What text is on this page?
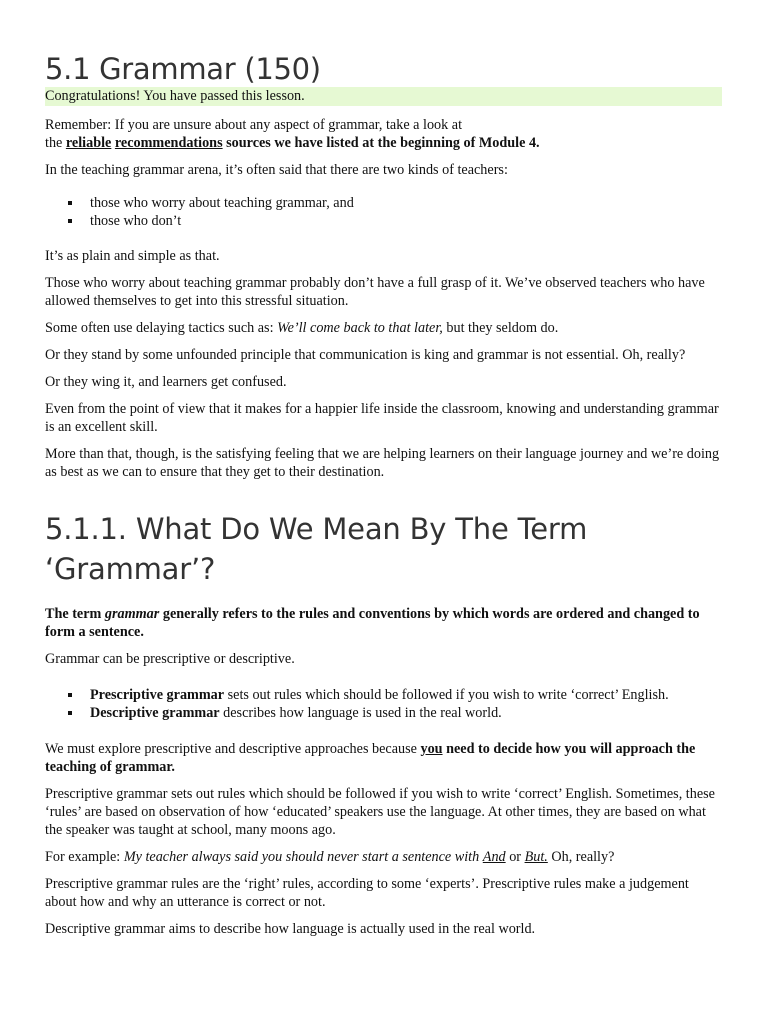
5.1 Grammar (150)

Congratulations! You have passed this lesson.

Remember: If you are unsure about any aspect of grammar, take a look at
the reliable recommendations sources we have listed at the beginning of Module 4.

In the teaching grammar arena, it’s often said that there are two kinds of teachers:

those who worry about teaching grammar, and
those who don’t

It’s as plain and simple as that.

Those who worry about teaching grammar probably don’t have a full grasp of it. We’ve observed teachers who have allowed themselves to get into this stressful situation.

Some often use delaying tactics such as: We’ll come back to that later, but they seldom do.

Or they stand by some unfounded principle that communication is king and grammar is not essential. Oh, really?

Or they wing it, and learners get confused.

Even from the point of view that it makes for a happier life inside the classroom, knowing and understanding grammar is an excellent skill.

More than that, though, is the satisfying feeling that we are helping learners on their language journey and we’re doing as best as we can to ensure that they get to their destination.

5.1.1. What Do We Mean By The Term ‘Grammar’?

The term grammar generally refers to the rules and conventions by which words are ordered and changed to form a sentence.

Grammar can be prescriptive or descriptive.

Prescriptive grammar sets out rules which should be followed if you wish to write ‘correct’ English.
Descriptive grammar describes how language is used in the real world.

We must explore prescriptive and descriptive approaches because you need to decide how you will approach the teaching of grammar.

Prescriptive grammar sets out rules which should be followed if you wish to write ‘correct’ English. Sometimes, these ‘rules’ are based on observation of how ‘educated’ speakers use the language. At other times, they are based on what the speaker was taught at school, many moons ago.

For example: My teacher always said you should never start a sentence with And or But. Oh, really?

Prescriptive grammar rules are the ‘right’ rules, according to some ‘experts’. Prescriptive rules make a judgement about how and why an utterance is correct or not.

Descriptive grammar aims to describe how language is actually used in the real world.
